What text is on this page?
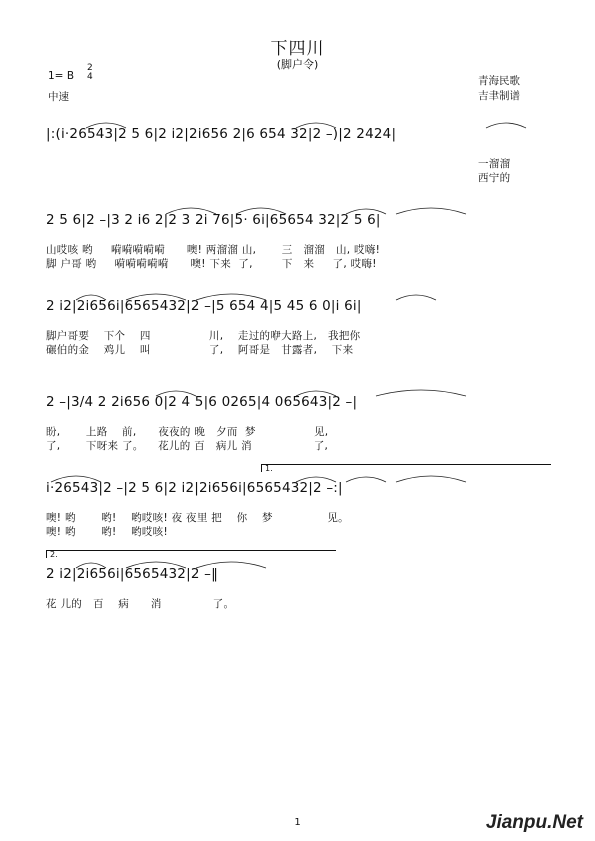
下四川
(脚户令)
1= B
2
4
中速
青海民歌
吉聿制谱
|:(i·26543|2 5 6|2 i2|2i656 2|6 654 32|2 –)|2 2424|
一溜溜
西宁的
2 5 6|2 –|3 2 i6 2|2 3 2i 76|5· 6i|65654 32|2 5 6|
山哎咳 哟     嗬嗬嗬嗬嗬      噢! 两溜溜 山,       三   溜溜   山, 哎嗨!
脚 户哥 哟     嗬嗬嗬嗬嗬      噢! 下来  了,        下   来     了, 哎嗨!
2 i2|2i656i|6565432|2 –|5 654 4|5 45 6 0|i 6i|
脚户哥要    下个    四                川,    走过的咿大路上,   我把你
碾伯的金    鸡儿    叫                了,    阿哥是   甘露者,    下来
2 –|3/4 2 2i656 0|2 4 5|6 0265|4 065643|2 –|
盼,       上路    前,      夜夜的 晚   夕而  梦                见,
了,       下呀来 了。    花儿的 百   病儿 消                 了,
1.
i·26543|2 –|2 5 6|2 i2|2i656i|6565432|2 –:|
噢! 哟       哟!    哟哎咳! 夜 夜里 把    你    梦               见。
噢! 哟       哟!    哟哎咳!
2.
2 i2|2i656i|6565432|2 –‖
花 儿的   百    病      消              了。
1	Jianpu.Net
